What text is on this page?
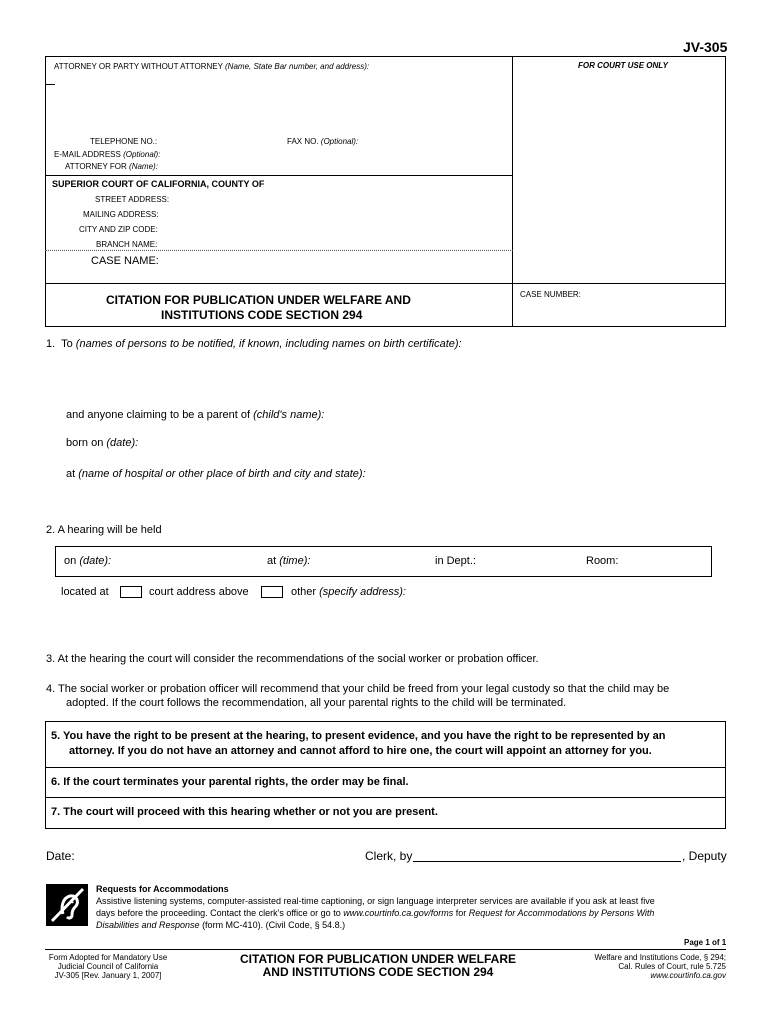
JV-305
ATTORNEY OR PARTY WITHOUT ATTORNEY (Name, State Bar number, and address):	FOR COURT USE ONLY
TELEPHONE NO.:	FAX NO. (Optional):
E-MAIL ADDRESS (Optional):
ATTORNEY FOR (Name):
SUPERIOR COURT OF CALIFORNIA, COUNTY OF
STREET ADDRESS:
MAILING ADDRESS:
CITY AND ZIP CODE:
BRANCH NAME:
CASE NAME:
CITATION FOR PUBLICATION UNDER WELFARE AND
INSTITUTIONS CODE SECTION 294
CASE NUMBER:
1. To (names of persons to be notified, if known, including names on birth certificate):
and anyone claiming to be a parent of (child's name):
born on (date):
at (name of hospital or other place of birth and city and state):
2. A hearing will be held
on (date):	at (time):	in Dept.:	Room:
located at	court address above	other (specify address):
3. At the hearing the court will consider the recommendations of the social worker or probation officer.
4. The social worker or probation officer will recommend that your child be freed from your legal custody so that the child may be
adopted. If the court follows the recommendation, all your parental rights to the child will be terminated.
5. You have the right to be present at the hearing, to present evidence, and you have the right to be represented by an
attorney. If you do not have an attorney and cannot afford to hire one, the court will appoint an attorney for you.
6. If the court terminates your parental rights, the order may be final.
7. The court will proceed with this hearing whether or not you are present.
Date:	Clerk, by	, Deputy
Requests for Accommodations
Assistive listening systems, computer-assisted real-time captioning, or sign language interpreter services are available if you ask at least five
days before the proceeding. Contact the clerk's office or go to www.courtinfo.ca.gov/forms for Request for Accommodations by Persons With
Disabilities and Response (form MC-410). (Civil Code, § 54.8.)
Page 1 of 1
Form Adopted for Mandatory Use
Judicial Council of California
JV-305 [Rev. January 1, 2007]
CITATION FOR PUBLICATION UNDER WELFARE
AND INSTITUTIONS CODE SECTION 294
Welfare and Institutions Code, § 294;
Cal. Rules of Court, rule 5.725
www.courtinfo.ca.gov
